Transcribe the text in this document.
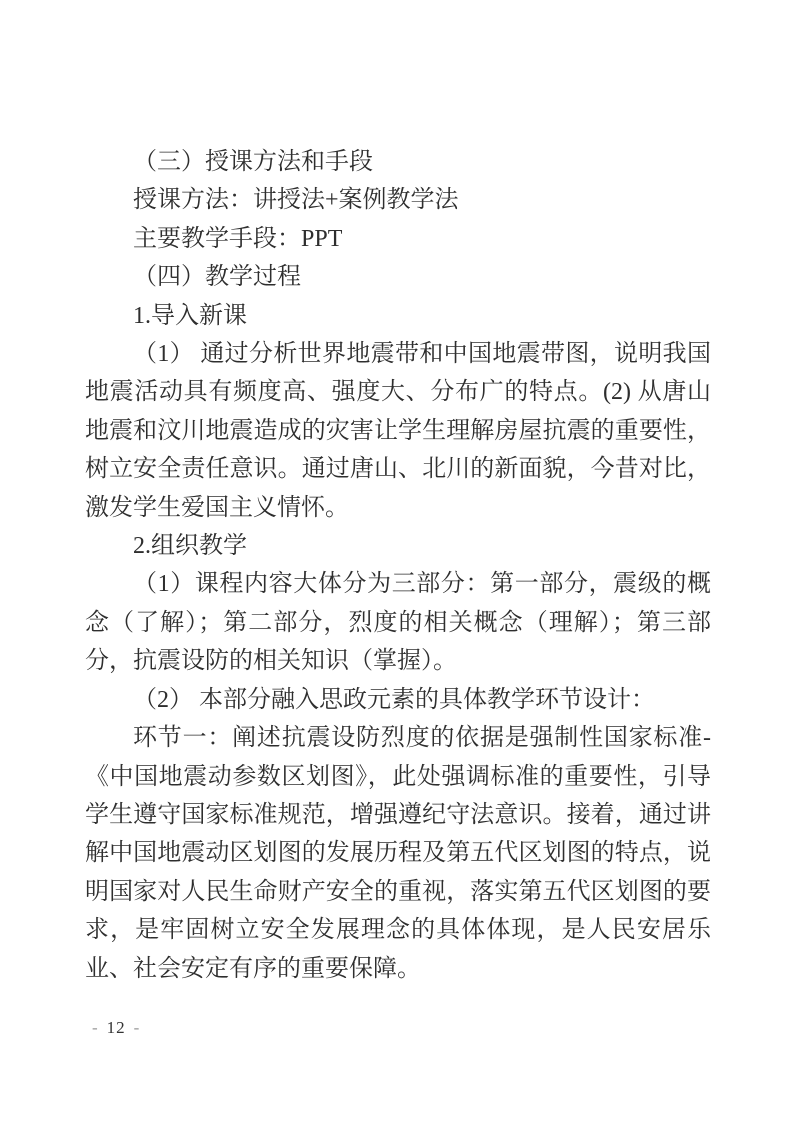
（三）授课方法和手段

授课方法：讲授法+案例教学法

主要教学手段：PPT

（四）教学过程

1.导入新课

（1） 通过分析世界地震带和中国地震带图，说明我国地震活动具有频度高、强度大、分布广的特点。(2) 从唐山地震和汶川地震造成的灾害让学生理解房屋抗震的重要性，树立安全责任意识。通过唐山、北川的新面貌，今昔对比，激发学生爱国主义情怀。

2.组织教学

（1）课程内容大体分为三部分：第一部分，震级的概念（了解）；第二部分，烈度的相关概念（理解）；第三部分，抗震设防的相关知识（掌握）。

（2） 本部分融入思政元素的具体教学环节设计：

环节一：阐述抗震设防烈度的依据是强制性国家标准-《中国地震动参数区划图》，此处强调标准的重要性，引导学生遵守国家标准规范，增强遵纪守法意识。接着，通过讲解中国地震动区划图的发展历程及第五代区划图的特点，说明国家对人民生命财产安全的重视，落实第五代区划图的要求，是牢固树立安全发展理念的具体体现，是人民安居乐业、社会安定有序的重要保障。

- 12 -
